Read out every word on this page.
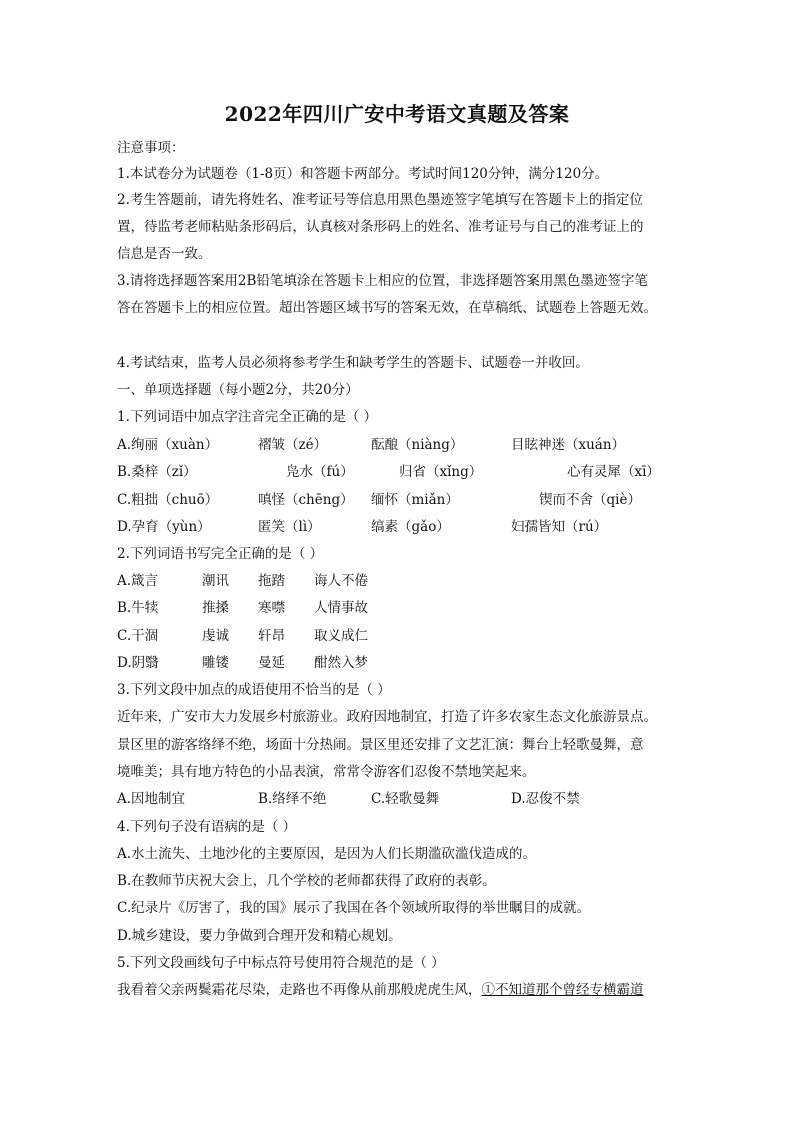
2022年四川广安中考语文真题及答案
注意事项：
1.本试卷分为试题卷（1-8页）和答题卡两部分。考试时间120分钟，满分120分。
2.考生答题前，请先将姓名、准考证号等信息用黑色墨迹签字笔填写在答题卡上的指定位
置，待监考老师粘贴条形码后，认真核对条形码上的姓名、准考证号与自己的准考证上的
信息是否一致。
3.请将选择题答案用2B铅笔填涂在答题卡上相应的位置，非选择题答案用黑色墨迹签字笔
答在答题卡上的相应位置。超出答题区域书写的答案无效，在草稿纸、试题卷上答题无效。
4.考试结束，监考人员必须将参考学生和缺考学生的答题卡、试题卷一并收回。
一、单项选择题（每小题2分，共20分）
1.下列词语中加点字注音完全正确的是（ ）
A.绚丽（xuàn）	褶皱（zé）	酝酿（niàng）	目眩神迷（xuán）
B.桑梓（zǐ）	凫水（fú）	归省（xǐng）	心有灵犀（xī）
C.粗拙（chuō）	嗔怪（chēng） 缅怀（miǎn）	锲而不舍（qiè）
D.孕育（yùn）	匿笑（lì）	缟素（gǎo）	妇孺皆知（rú）
2.下列词语书写完全正确的是（ ）
A.箴言	潮讯 拖踏 诲人不倦
B.牛犊	推搡 寒噤 人情事故
C.干涸	虔诚 轩昂 取义成仁
D.阴翳	雕镂 曼延 酣然入梦
3.下列文段中加点的成语使用不恰当的是（ ）
近年来，广安市大力发展乡村旅游业。政府因地制宜，打造了许多农家生态文化旅游景点。
景区里的游客络绎不绝，场面十分热闹。景区里还安排了文艺汇演：舞台上轻歌曼舞，意
境唯美；具有地方特色的小品表演，常常令游客们忍俊不禁地笑起来。
A.因地制宜	B.络绎不绝	C.轻歌曼舞	D.忍俊不禁
4.下列句子没有语病的是（ ）
A.水土流失、土地沙化的主要原因，是因为人们长期滥砍滥伐造成的。
B.在教师节庆祝大会上，几个学校的老师都获得了政府的表彰。
C.纪录片《厉害了，我的国》展示了我国在各个领域所取得的举世瞩目的成就。
D.城乡建设，要力争做到合理开发和精心规划。
5.下列文段画线句子中标点符号使用符合规范的是（ ）
我看着父亲两鬓霜花尽染，走路也不再像从前那般虎虎生风，①不知道那个曾经专横霸道
